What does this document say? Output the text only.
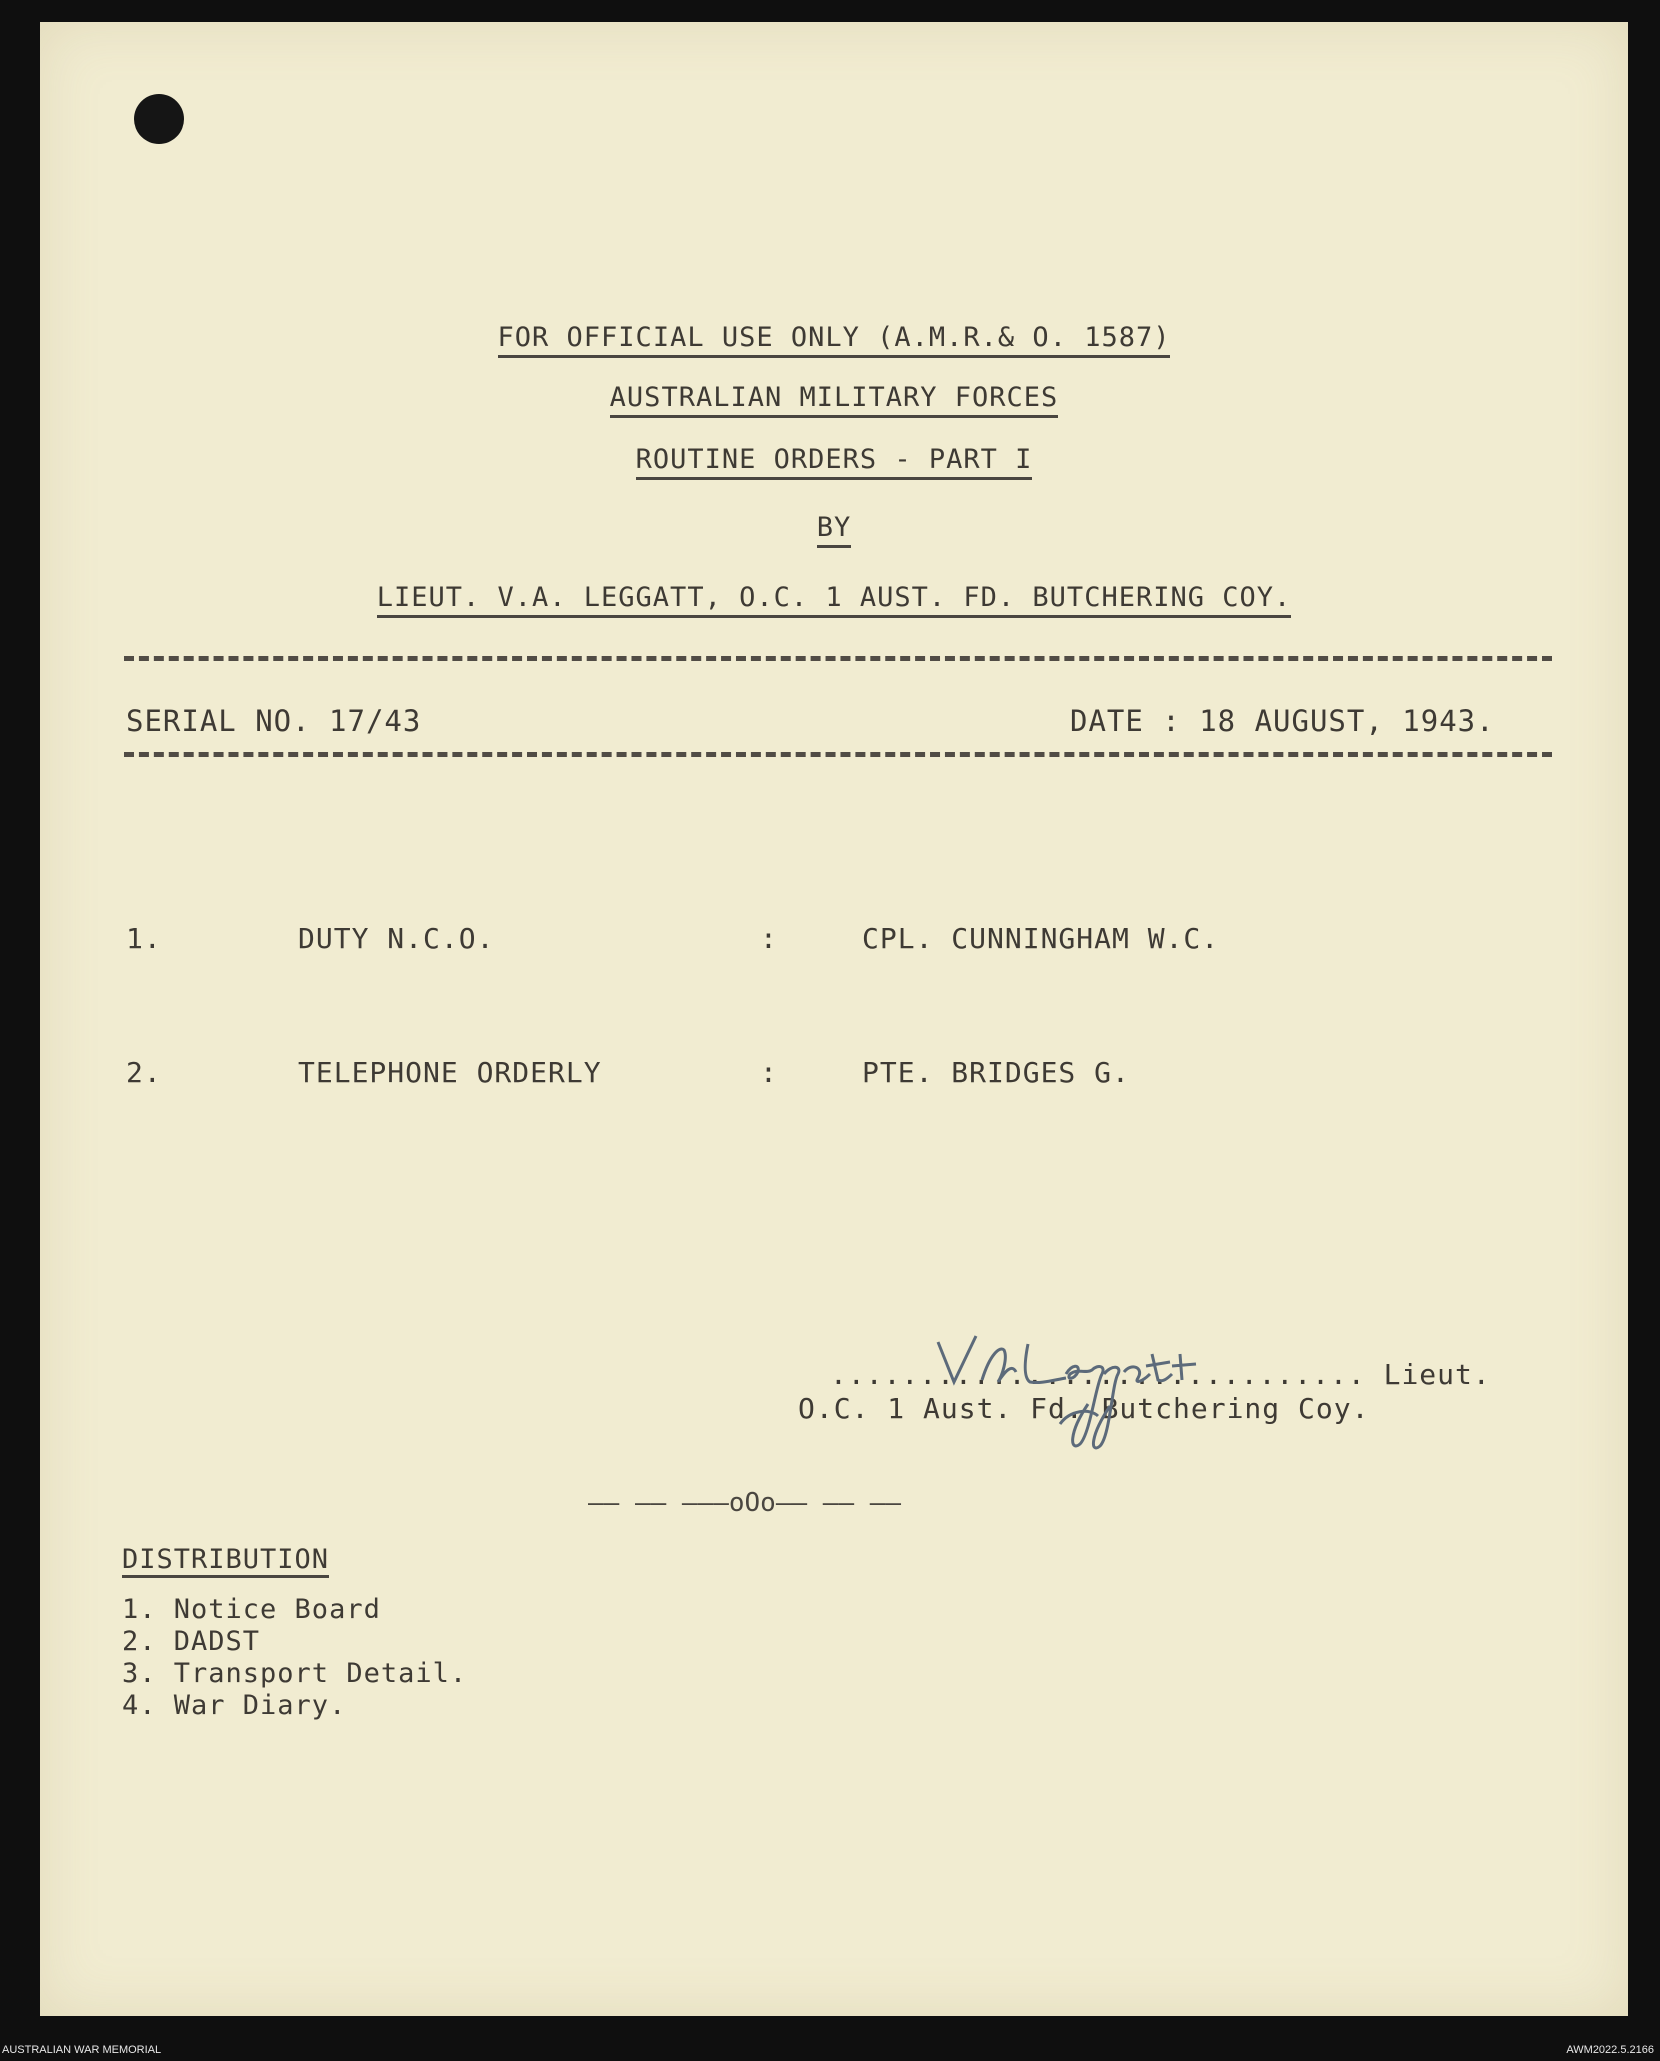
FOR OFFICIAL USE ONLY (A.M.R.& O. 1587)
AUSTRALIAN MILITARY FORCES
ROUTINE ORDERS - PART I
BY
LIEUT. V.A. LEGGATT, O.C. 1 AUST. FD. BUTCHERING COY.
SERIAL NO. 17/43	DATE : 18 AUGUST, 1943.
1.	DUTY N.C.O.	:	CPL. CUNNINGHAM W.C.
2.	TELEPHONE ORDERLY	:	PTE. BRIDGES G.
.............................. Lieut.
O.C. 1 Aust. Fd. Butchering Coy.
—— —— ———oOo—— —— ——
DISTRIBUTION
1. Notice Board
2. DADST
3. Transport Detail.
4. War Diary.
AUSTRALIAN WAR MEMORIAL	AWM2022.5.2166
